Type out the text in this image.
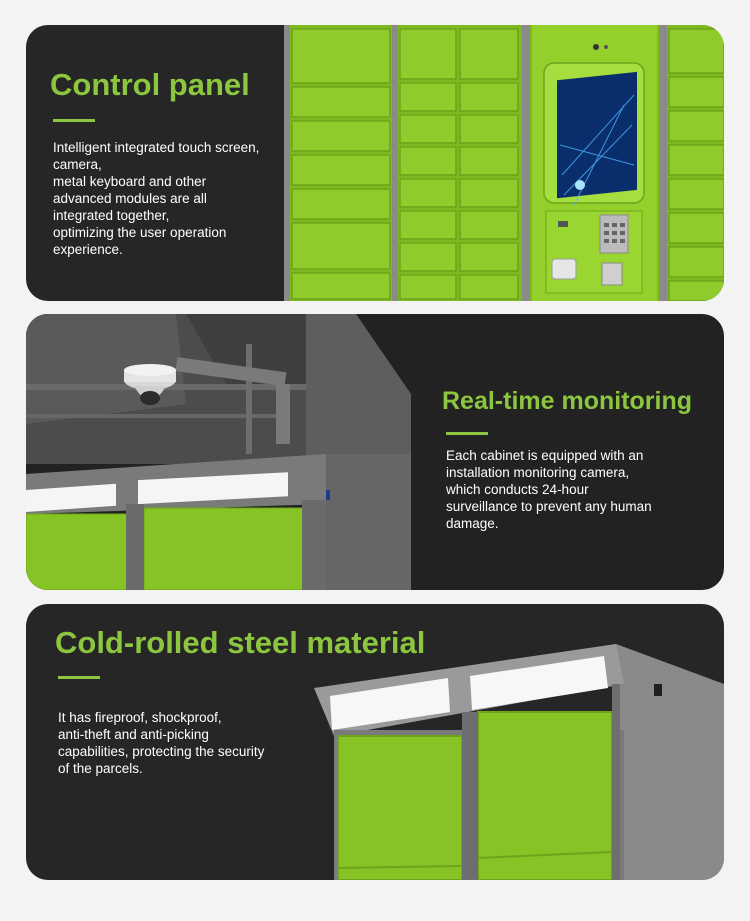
Control panel
Intelligent integrated touch screen,
camera,
metal keyboard and other
advanced modules are all
integrated together,
optimizing the user operation
experience.
Real-time monitoring
Each cabinet is equipped with an
installation monitoring camera,
which conducts 24-hour
surveillance to prevent any human
damage.
Cold-rolled steel material
It has fireproof, shockproof,
anti-theft and anti-picking
capabilities, protecting the security
of the parcels.
